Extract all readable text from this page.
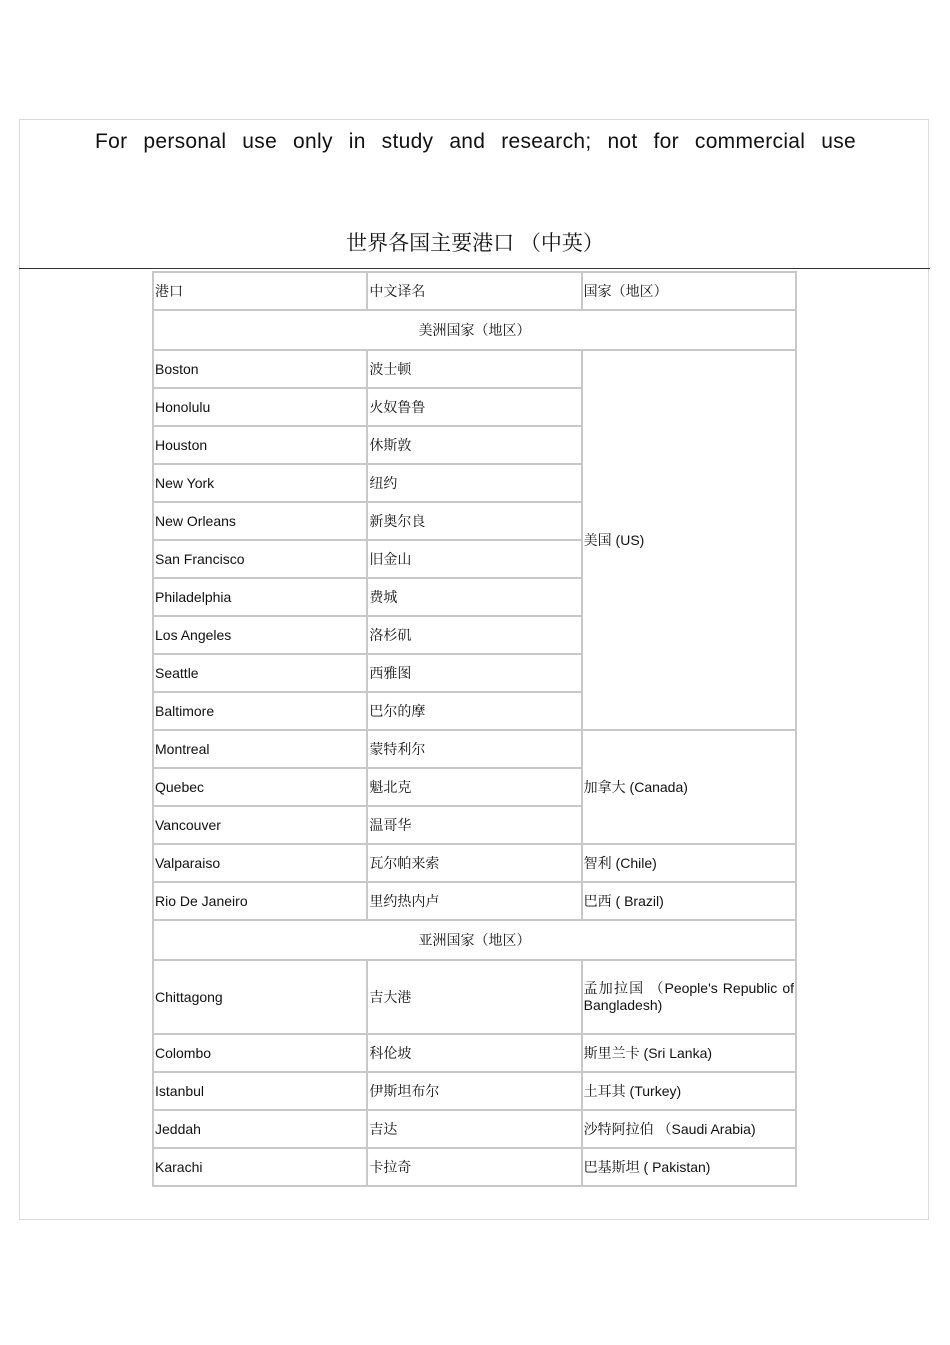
For personal use only in study and research; not for commercial use
世界各国主要港口 （中英）
港口	中文译名	国家（地区）
美洲国家（地区）		
Boston	波士顿	美国 (US)
Honolulu	火奴鲁鲁	
Houston	休斯敦	
New York	纽约	
New Orleans	新奥尔良	
San Francisco	旧金山	
Philadelphia	费城	
Los Angeles	洛杉矶	
Seattle	西雅图	
Baltimore	巴尔的摩	
Montreal	蒙特利尔	加拿大 (Canada)
Quebec	魁北克	
Vancouver	温哥华	
Valparaiso	瓦尔帕来索	智利 (Chile)
Rio De Janeiro	里约热内卢	巴西 ( Brazil)
亚洲国家（地区）		
Chittagong	吉大港	孟加拉国 （People's Republic of Bangladesh)
Colombo	科伦坡	斯里兰卡 (Sri Lanka)
Istanbul	伊斯坦布尔	土耳其 (Turkey)
Jeddah	吉达	沙特阿拉伯 （Saudi Arabia)
Karachi	卡拉奇	巴基斯坦 ( Pakistan)
